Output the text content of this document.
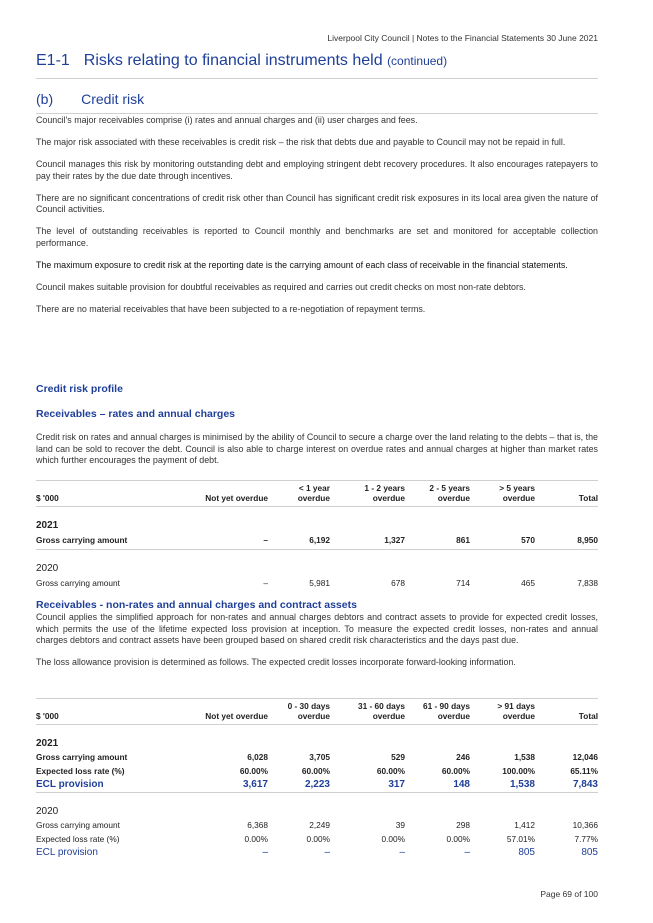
Liverpool City Council | Notes to the Financial Statements 30 June 2021
E1-1 Risks relating to financial instruments held (continued)
(b) Credit risk

Council's major receivables comprise (i) rates and annual charges and (ii) user charges and fees.

The major risk associated with these receivables is credit risk – the risk that debts due and payable to Council may not be repaid in full.

Council manages this risk by monitoring outstanding debt and employing stringent debt recovery procedures. It also encourages ratepayers to pay their rates by the due date through incentives.

There are no significant concentrations of credit risk other than Council has significant credit risk exposures in its local area given the nature of Council activities.

The level of outstanding receivables is reported to Council monthly and benchmarks are set and monitored for acceptable collection performance.

The maximum exposure to credit risk at the reporting date is the carrying amount of each class of receivable in the financial statements.

Council makes suitable provision for doubtful receivables as required and carries out credit checks on most non-rate debtors.

There are no material receivables that have been subjected to a re-negotiation of repayment terms.

Credit risk profile
Receivables – rates and annual charges

Credit risk on rates and annual charges is minimised by the ability of Council to secure a charge over the land relating to the debts – that is, the land can be sold to recover the debt. Council is also able to charge interest on overdue rates and annual charges at higher than market rates which further encourages the payment of debt.

$ '000	Not yet overdue	< 1 year overdue	1 - 2 years overdue	2 - 5 years overdue	> 5 years overdue	Total
2021						
Gross carrying amount	–	6,192	1,327	861	570	8,950
2020						
Gross carrying amount	–	5,981	678	714	465	7,838
Receivables - non-rates and annual charges and contract assets

Council applies the simplified approach for non-rates and annual charges debtors and contract assets to provide for expected credit losses, which permits the use of the lifetime expected loss provision at inception. To measure the expected credit losses, non-rates and annual charges debtors and contract assets have been grouped based on shared credit risk characteristics and the days past due.

The loss allowance provision is determined as follows. The expected credit losses incorporate forward-looking information.

$ '000	Not yet overdue	0 - 30 days overdue	31 - 60 days overdue	61 - 90 days overdue	> 91 days overdue	Total
2021						
Gross carrying amount	6,028	3,705	529	246	1,538	12,046
Expected loss rate (%)	60.00%	60.00%	60.00%	60.00%	100.00%	65.11%
ECL provision	3,617	2,223	317	148	1,538	7,843
2020						
Gross carrying amount	6,368	2,249	39	298	1,412	10,366
Expected loss rate (%)	0.00%	0.00%	0.00%	0.00%	57.01%	7.77%
ECL provision	–	–	–	–	805	805
Page 69 of 100
